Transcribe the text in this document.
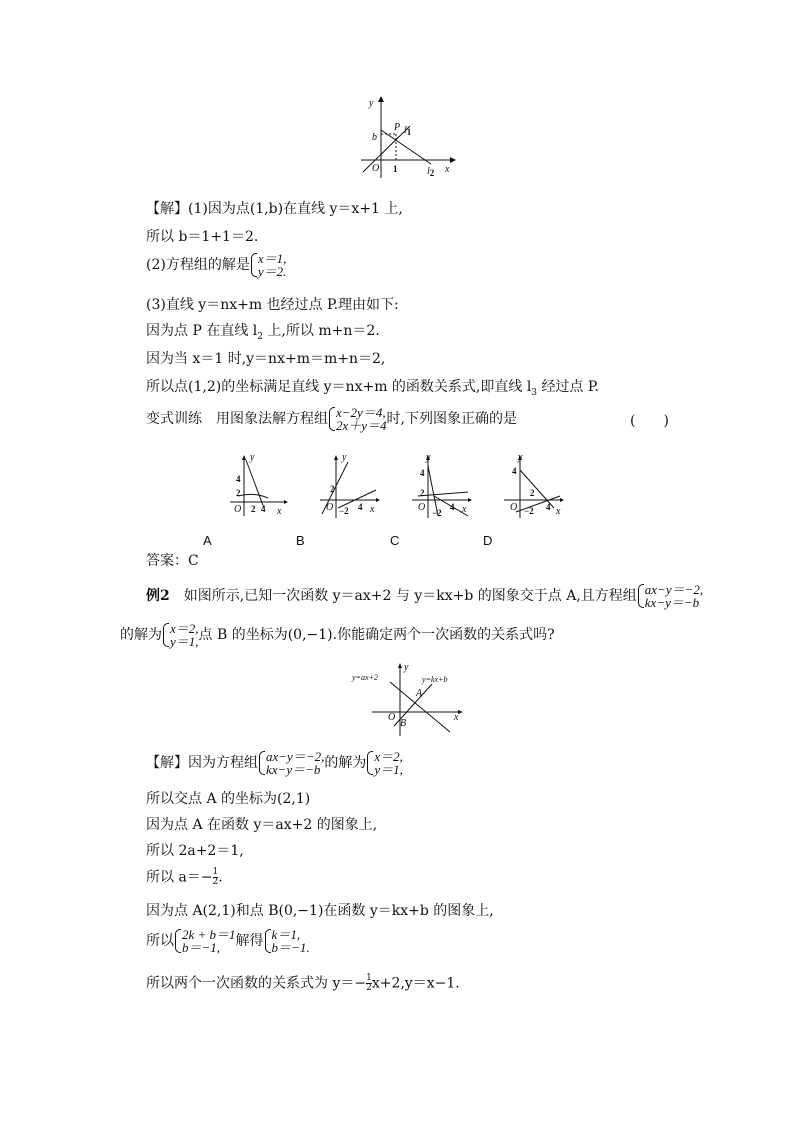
y
b
P l1
O 1	l2 x
【解】(1)因为点(1,b)在直线 y＝x+1 上,
所以 b＝1+1＝2.
(2)方程组的解是 x＝1,
y＝2.
(3)直线 y＝nx+m 也经过点 P.理由如下:
因为点 P 在直线 $l_2$ 上,所以 m+n＝2.
因为当 x＝1 时,y＝nx+m＝m+n＝2,
所以点(1,2)的坐标满足直线 y＝nx+m 的函数关系式,即直线 $l_3$ 经过点 P.
变式训练　用图象法解方程组 x−2y＝4,
2x＋y＝4 时,下列图象正确的是	(　　)
y
4
2
O 2 4 x
y
2
O −2 4 x
y
4
2
O −2
4 x
y
4
2
O −2 4 x
A	B	C	D
答案：C
例2　如图所示,已知一次函数 y＝ax+2 与 y＝kx+b 的图象交于点 A,且方程组 ax−y＝−2,
kx−y＝−b
的解为 x＝2,
y＝1, 点 B 的坐标为(0,−1).你能确定两个一次函数的关系式吗?
y=ax+2	y=kx+b
A
O
B
x
y
【解】因为方程组 ax−y＝−2,
kx−y＝−b 的解为 x＝2,
y＝1,
所以交点 A 的坐标为(2,1)
因为点 A 在函数 y＝ax+2 的图象上,
所以 2a+2＝1,
所以 $a=- \frac{1}{2}$ .
因为点 A(2,1)和点 B(0,−1)在函数 y＝kx+b 的图象上,
所以 2k + b＝1
b＝−1,	解得 k＝1,
b＝−1.
所以两个一次函数的关系式为 $y=- \frac{1}{2} x+2,y=x-1$.
